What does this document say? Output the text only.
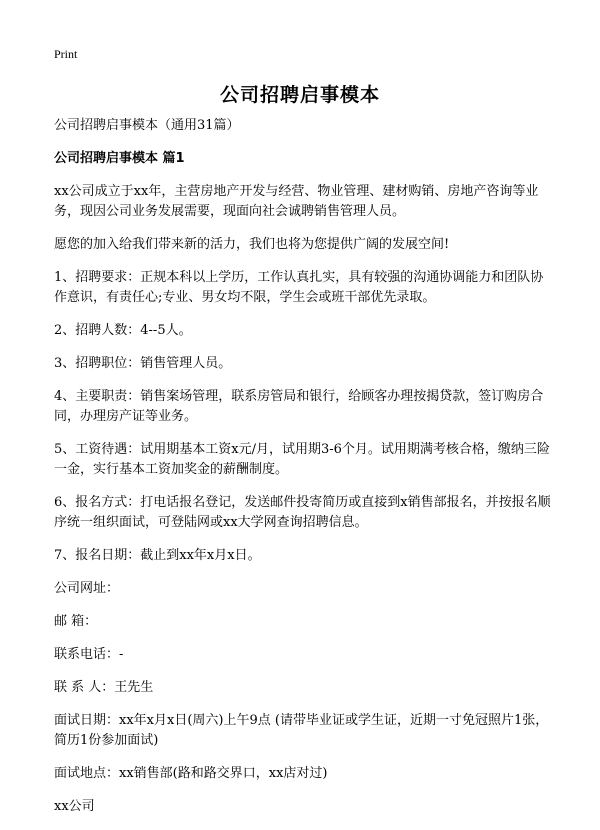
Print
公司招聘启事模本

公司招聘启事模本（通用31篇）

公司招聘启事模本 篇1

xx公司成立于xx年，主营房地产开发与经营、物业管理、建材购销、房地产咨询等业务，现因公司业务发展需要，现面向社会诚聘销售管理人员。

愿您的加入给我们带来新的活力，我们也将为您提供广阔的发展空间!

1、招聘要求：正规本科以上学历，工作认真扎实，具有较强的沟通协调能力和团队协作意识，有责任心;专业、男女均不限，学生会或班干部优先录取。

2、招聘人数：4--5人。

3、招聘职位：销售管理人员。

4、主要职责：销售案场管理，联系房管局和银行，给顾客办理按揭贷款，签订购房合同，办理房产证等业务。

5、工资待遇：试用期基本工资x元/月，试用期3-6个月。试用期满考核合格，缴纳三险一金，实行基本工资加奖金的薪酬制度。

6、报名方式：打电话报名登记，发送邮件投寄简历或直接到x销售部报名，并按报名顺序统一组织面试，可登陆网或xx大学网查询招聘信息。

7、报名日期：截止到xx年x月x日。

公司网址：

邮 箱：

联系电话：-

联 系 人：王先生

面试日期：xx年x月x日(周六)上午9点 (请带毕业证或学生证，近期一寸免冠照片1张，简历1份参加面试)

面试地点：xx销售部(路和路交界口，xx店对过)

xx公司
